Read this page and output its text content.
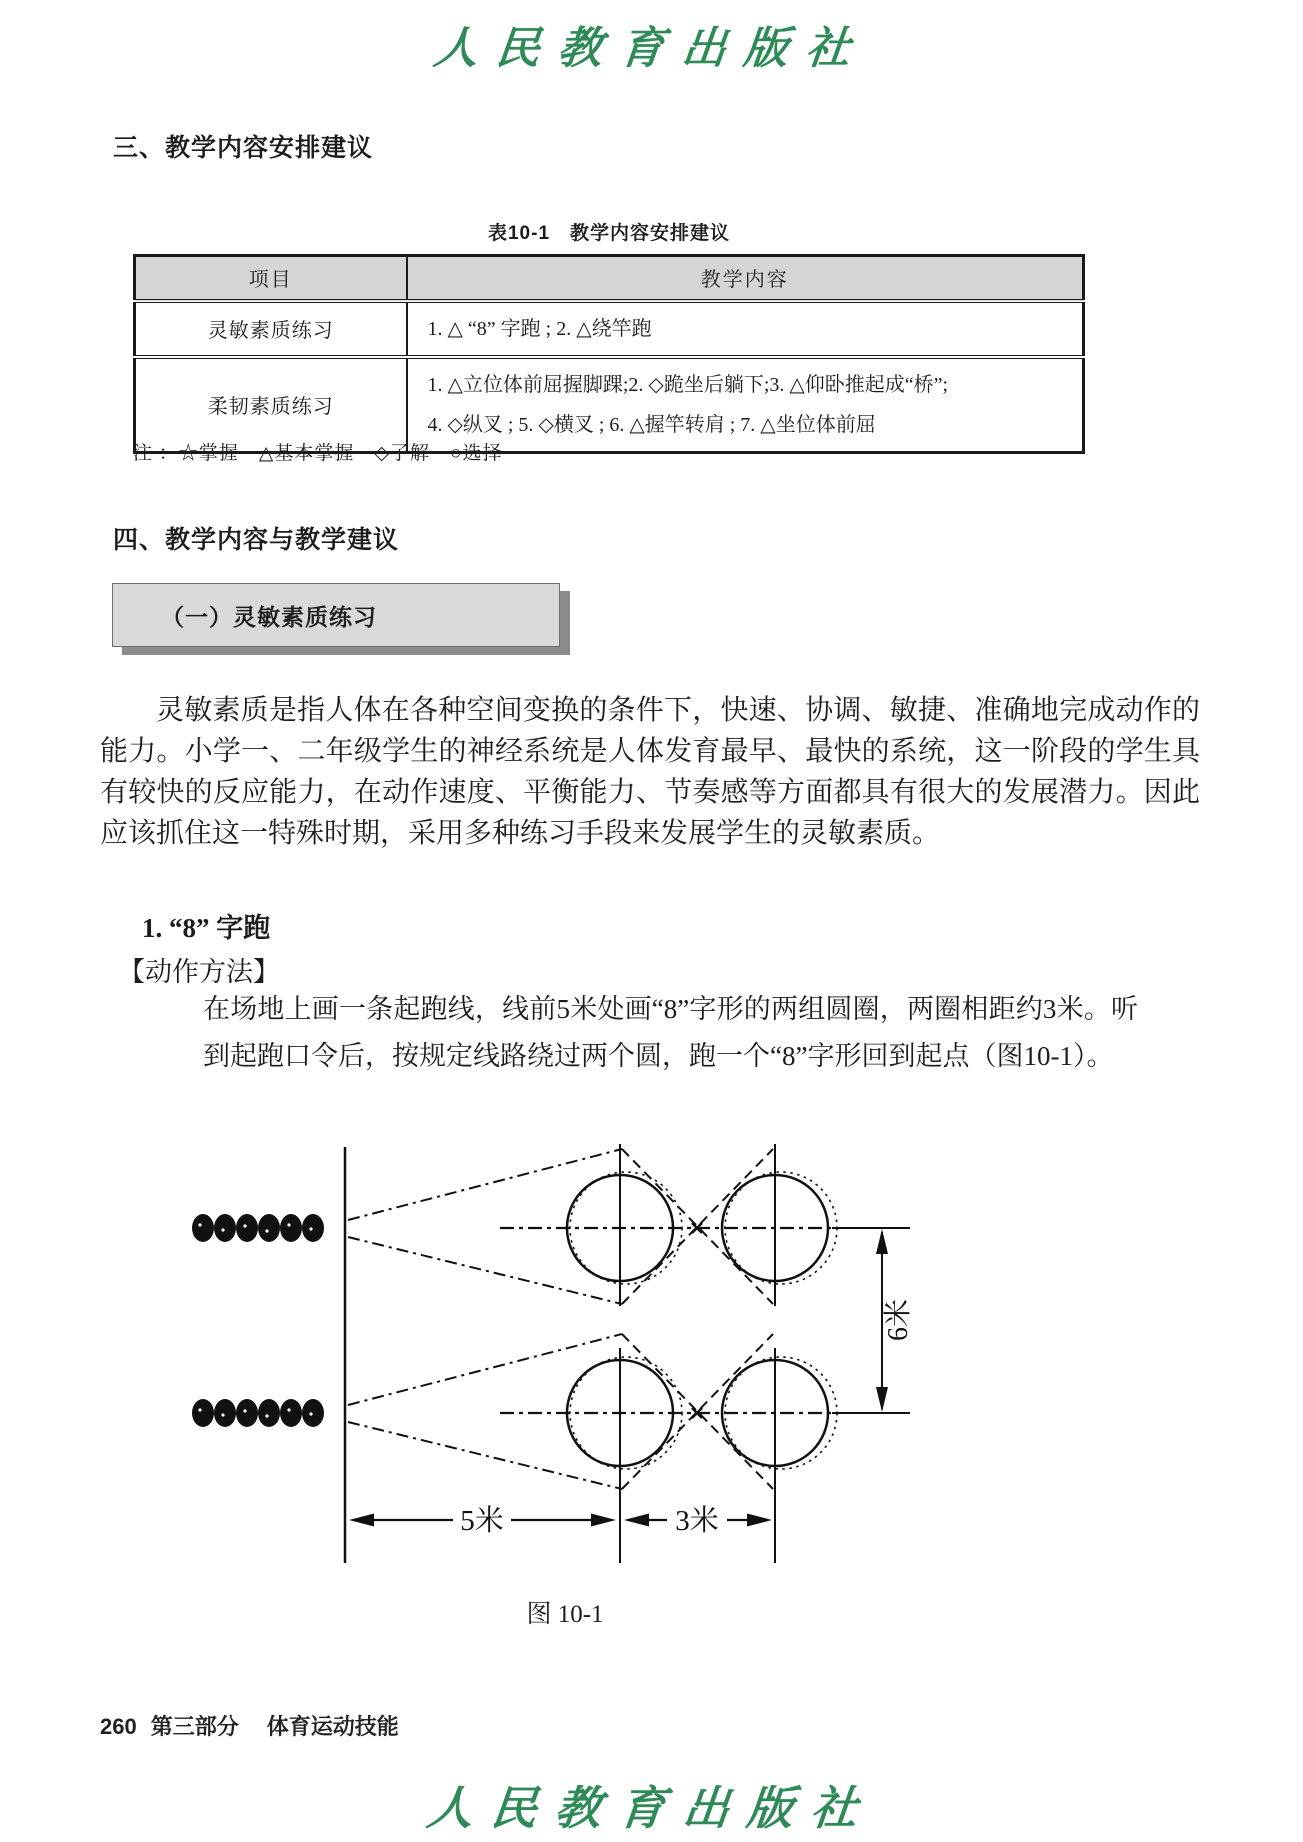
人民教育出版社
三、教学内容安排建议
表10-1　教学内容安排建议
项目	教学内容
灵敏素质练习	1. △ “8” 字跑 ; 2. △绕竿跑

柔韧素质练习	1. △立位体前屈握脚踝;2. ◇跪坐后躺下;3. △仰卧推起成“桥”;
4. ◇纵叉 ; 5. ◇横叉 ; 6. △握竿转肩 ; 7. △坐位体前屈
注 ：☆掌握　△基本掌握　◇了解　○选择
四、教学内容与教学建议
（一）灵敏素质练习

灵敏素质是指人体在各种空间变换的条件下，快速、协调、敏捷、准确地完成动作的能力。小学一、二年级学生的神经系统是人体发育最早、最快的系统，这一阶段的学生具有较快的反应能力，在动作速度、平衡能力、节奏感等方面都具有很大的发展潜力。因此应该抓住这一特殊时期，采用多种练习手段来发展学生的灵敏素质。

1. “8” 字跑
【动作方法】

在场地上画一条起跑线，线前5米处画“8”字形的两组圆圈，两圈相距约3米。听到起跑口令后，按规定线路绕过两个圆，跑一个“8”字形回到起点（图10-1）。

6米
5米	3米
图 10-1
260 第三部分 体育运动技能
人民教育出版社
